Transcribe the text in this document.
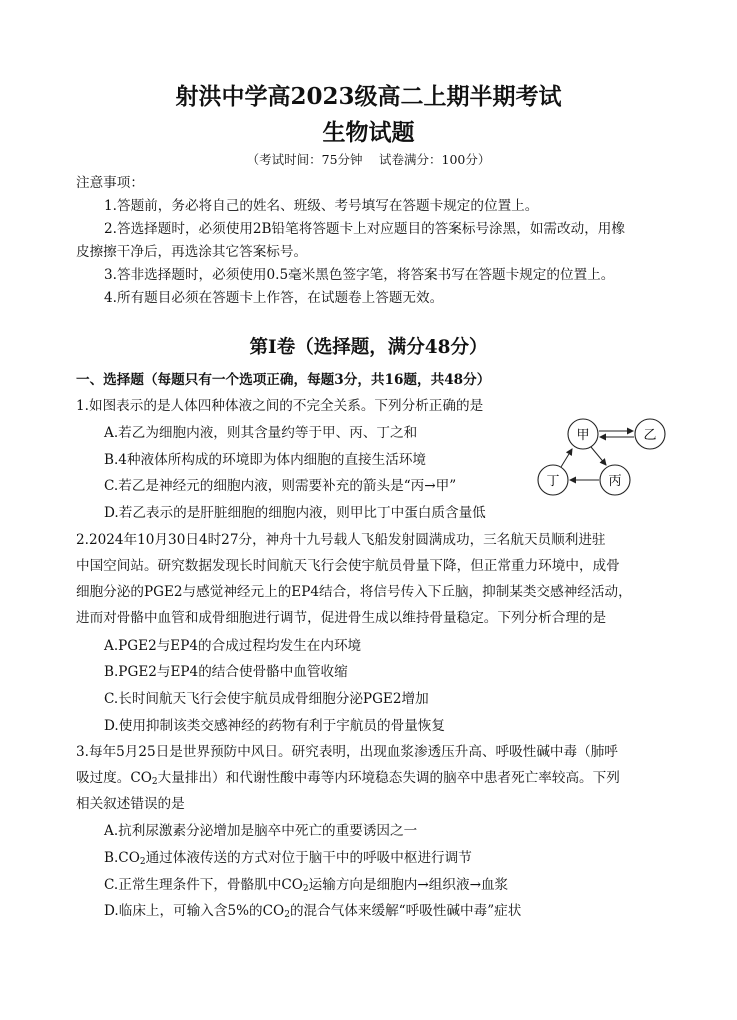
射洪中学高2023级高二上期半期考试
生物试题
（考试时间：75分钟　 试卷满分：100分）
注意事项：
1.答题前，务必将自己的姓名、班级、考号填写在答题卡规定的位置上。
2.答选择题时，必须使用2B铅笔将答题卡上对应题目的答案标号涂黑，如需改动，用橡
皮擦擦干净后，再选涂其它答案标号。
3.答非选择题时，必须使用0.5毫米黑色签字笔，将答案书写在答题卡规定的位置上。
4.所有题目必须在答题卡上作答，在试题卷上答题无效。
第I卷（选择题，满分48分）
一、选择题（每题只有一个选项正确，每题3分，共16题，共48分）
1.如图表示的是人体四种体液之间的不完全关系。下列分析正确的是
A.若乙为细胞内液，则其含量约等于甲、丙、丁之和
B.4种液体所构成的环境即为体内细胞的直接生活环境
C.若乙是神经元的细胞内液，则需要补充的箭头是“丙→甲”
D.若乙表示的是肝脏细胞的细胞内液，则甲比丁中蛋白质含量低
甲	乙
丁	丙
2.2024年10月30日4时27分，神舟十九号载人飞船发射圆满成功，三名航天员顺利进驻
中国空间站。研究数据发现长时间航天飞行会使宇航员骨量下降，但正常重力环境中，成骨
细胞分泌的PGE2与感觉神经元上的EP4结合，将信号传入下丘脑，抑制某类交感神经活动，
进而对骨骼中血管和成骨细胞进行调节，促进骨生成以维持骨量稳定。下列分析合理的是
A.PGE2与EP4的合成过程均发生在内环境
B.PGE2与EP4的结合使骨骼中血管收缩
C.长时间航天飞行会使宇航员成骨细胞分泌PGE2增加
D.使用抑制该类交感神经的药物有利于宇航员的骨量恢复
3.每年5月25日是世界预防中风日。研究表明，出现血浆渗透压升高、呼吸性碱中毒（肺呼
吸过度。$CO_2$大量排出）和代谢性酸中毒等内环境稳态失调的脑卒中患者死亡率较高。下列
相关叙述错误的是
A.抗利尿激素分泌增加是脑卒中死亡的重要诱因之一
$B.CO_2$通过体液传送的方式对位于脑干中的呼吸中枢进行调节
C.正常生理条件下，骨骼肌中$CO_2$运输方向是细胞内→组织液→血浆
D.临床上，可输入含5%的$CO_2$的混合气体来缓解“呼吸性碱中毒”症状
